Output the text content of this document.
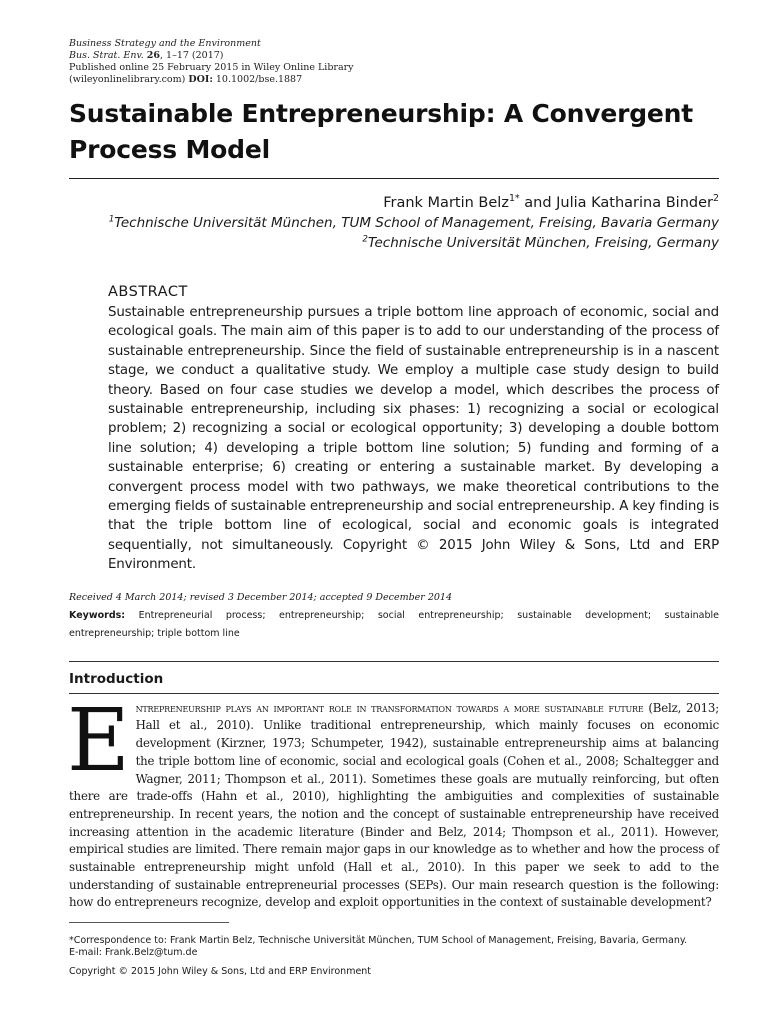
Business Strategy and the Environment
Bus. Strat. Env. 26, 1–17 (2017)
Published online 25 February 2015 in Wiley Online Library
(wileyonlinelibrary.com) DOI: 10.1002/bse.1887
Sustainable Entrepreneurship: A Convergent Process Model
Frank Martin Belz$^{1*}$ and Julia Katharina Binder$^2$
$^1$Technische Universität München, TUM School of Management, Freising, Bavaria Germany
$^2$Technische Universität München, Freising, Germany
ABSTRACT

Sustainable entrepreneurship pursues a triple bottom line approach of economic, social and ecological goals. The main aim of this paper is to add to our understanding of the process of sustainable entrepreneurship. Since the field of sustainable entrepreneurship is in a nascent stage, we conduct a qualitative study. We employ a multiple case study design to build theory. Based on four case studies we develop a model, which describes the process of sustainable entrepreneurship, including six phases: 1) recognizing a social or ecological problem; 2) recognizing a social or ecological opportunity; 3) developing a double bottom line solution; 4) developing a triple bottom line solution; 5) funding and forming of a sustainable enterprise; 6) creating or entering a sustainable market. By developing a convergent process model with two pathways, we make theoretical contributions to the emerging fields of sustainable entrepreneurship and social entrepreneurship. A key finding is that the triple bottom line of ecological, social and economic goals is integrated sequentially, not simultaneously. Copyright © 2015 John Wiley & Sons, Ltd and ERP Environment.

Received 4 March 2014; revised 3 December 2014; accepted 9 December 2014
Keywords: Entrepreneurial process; entrepreneurship; social entrepreneurship; sustainable development; sustainable entrepreneurship; triple bottom line
Introduction
Entrepreneurship plays an important role in transformation towards a more sustainable future (Belz, 2013; Hall et al., 2010). Unlike traditional entrepreneurship, which mainly focuses on economic development (Kirzner, 1973; Schumpeter, 1942), sustainable entrepreneurship aims at balancing the triple bottom line of economic, social and ecological goals (Cohen et al., 2008; Schaltegger and Wagner, 2011; Thompson et al., 2011). Sometimes these goals are mutually reinforcing, but often there are trade-offs (Hahn et al., 2010), highlighting the ambiguities and complexities of sustainable entrepreneurship. In recent years, the notion and the concept of sustainable entrepreneurship have received increasing attention in the academic literature (Binder and Belz, 2014; Thompson et al., 2011). However, empirical studies are limited. There remain major gaps in our knowledge as to whether and how the process of sustainable entrepreneurship might unfold (Hall et al., 2010). In this paper we seek to add to the understanding of sustainable entrepreneurial processes (SEPs). Our main research question is the following: how do entrepreneurs recognize, develop and exploit opportunities in the context of sustainable development?
*Correspondence to: Frank Martin Belz, Technische Universität München, TUM School of Management, Freising, Bavaria, Germany.
E-mail: Frank.Belz@tum.de
Copyright © 2015 John Wiley & Sons, Ltd and ERP Environment
